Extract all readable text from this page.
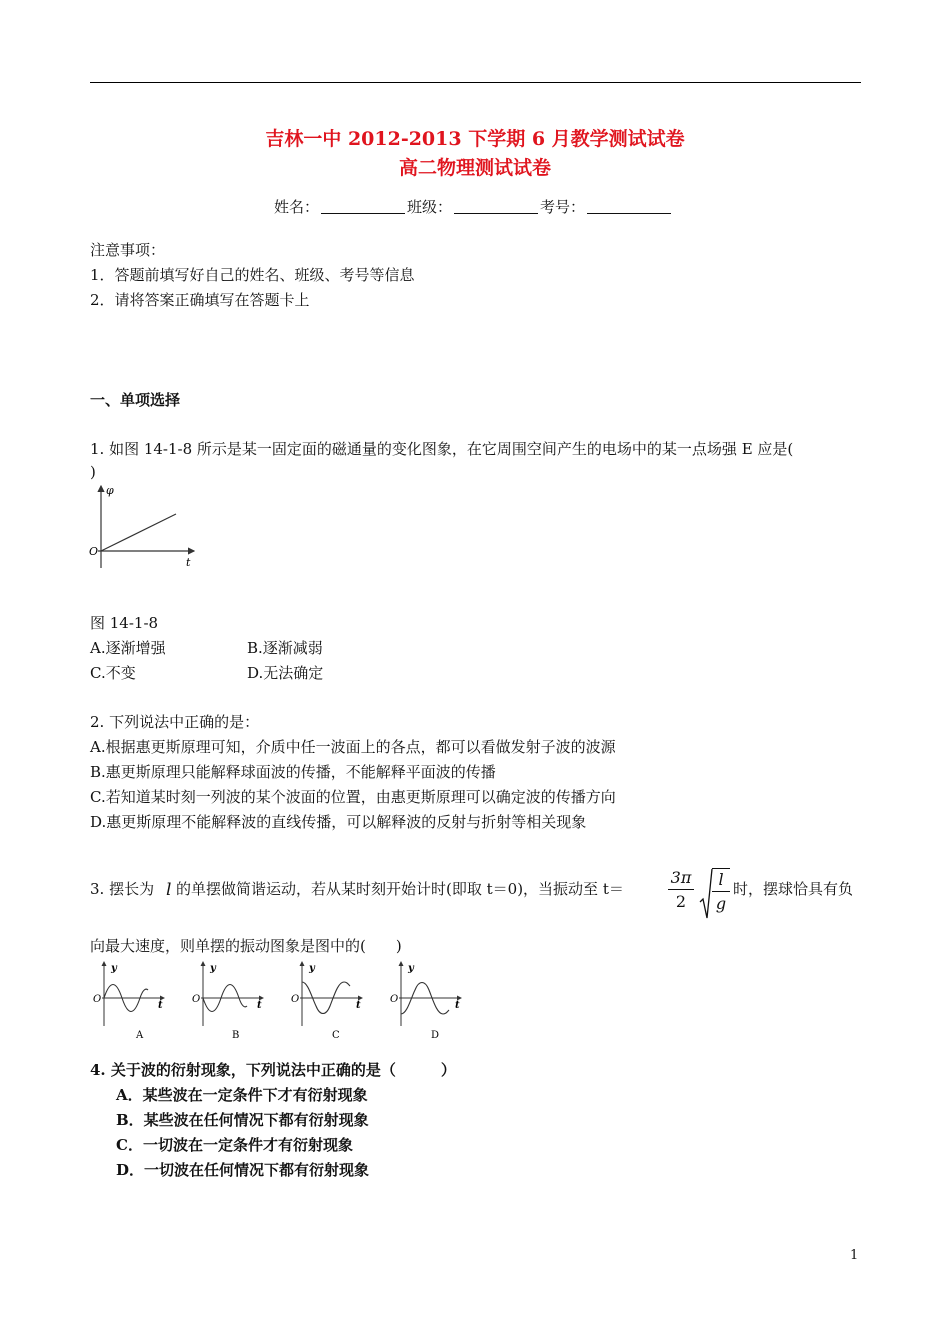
吉林一中 2012-2013 下学期 6 月教学测试试卷
高二物理测试试卷
姓名：	班级：	考号：
注意事项：
1．答题前填写好自己的姓名、班级、考号等信息
2．请将答案正确填写在答题卡上
一、单项选择
1. 如图 14-1-8 所示是某一固定面的磁通量的变化图象，在它周围空间产生的电场中的某一点场强 E 应是(
)
φ
t
O
图 14-1-8
A.逐渐增强	B.逐渐减弱
C.不变	D.无法确定
2. 下列说法中正确的是：
A.根据惠更斯原理可知，介质中任一波面上的各点，都可以看做发射子波的波源
B.惠更斯原理只能解释球面波的传播，不能解释平面波的传播
C.若知道某时刻一列波的某个波面的位置，由惠更斯原理可以确定波的传播方向
D.惠更斯原理不能解释波的直线传播，可以解释波的反射与折射等相关现象
3. 摆长为 l 的单摆做简谐运动，若从某时刻开始计时(即取 t＝0)，当振动至 t＝	$\frac{3\pi}{2} \frac{l}{g}$ 时，摆球恰具有负
向最大速度，则单摆的振动图象是图中的(　　)
y
t
O
A
y
t
O
B
y
t
O
C
y
t
O
D
4. 关于波的衍射现象，下列说法中正确的是（　　　）
A．某些波在一定条件下才有衍射现象
B．某些波在任何情况下都有衍射现象
C．一切波在一定条件才有衍射现象
D．一切波在任何情况下都有衍射现象
1
